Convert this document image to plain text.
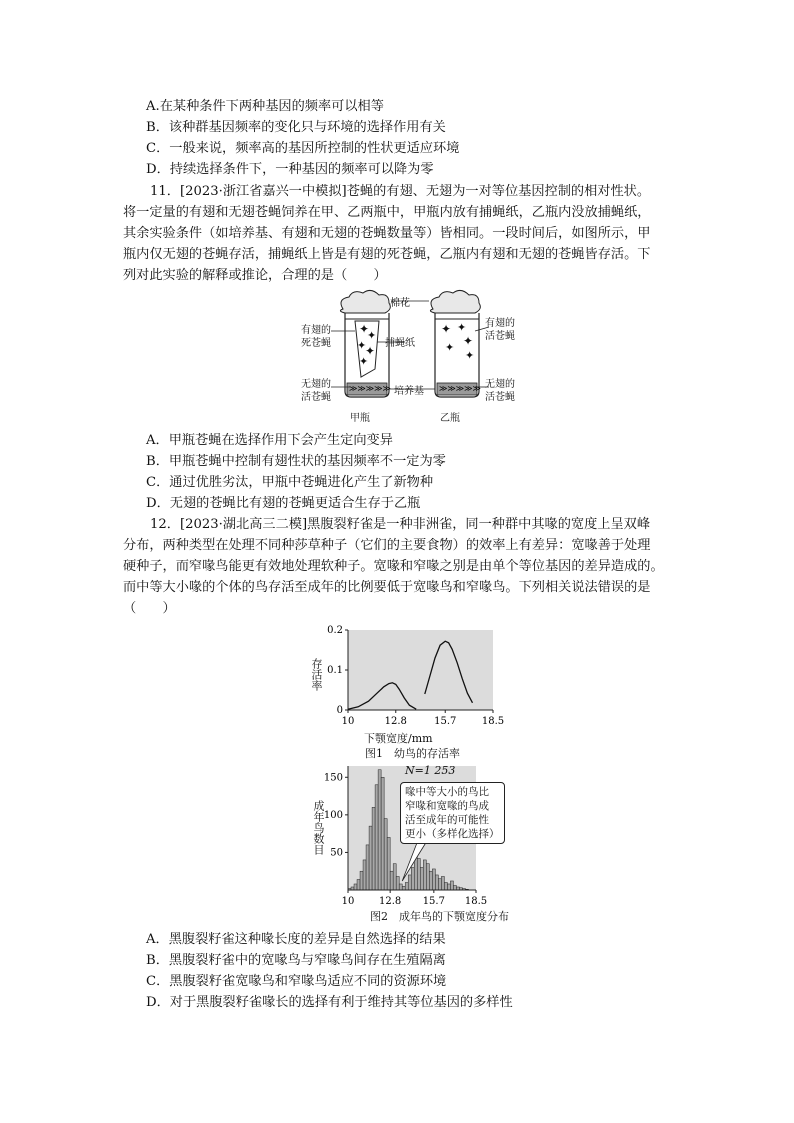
A.在某种条件下两种基因的频率可以相等
B．该种群基因频率的变化只与环境的选择作用有关
C．一般来说，频率高的基因所控制的性状更适应环境
D．持续选择条件下，一种基因的频率可以降为零
11．[2023·浙江省嘉兴一中模拟]苍蝇的有翅、无翅为一对等位基因控制的相对性状。
将一定量的有翅和无翅苍蝇饲养在甲、乙两瓶中，甲瓶内放有捕蝇纸，乙瓶内没放捕蝇纸，
其余实验条件（如培养基、有翅和无翅的苍蝇数量等）皆相同。一段时间后，如图所示，甲
瓶内仅无翅的苍蝇存活，捕蝇纸上皆是有翅的死苍蝇，乙瓶内有翅和无翅的苍蝇皆存活。下
列对此实验的解释或推论，合理的是（　　）
✦
✦
✦
✦
✦
≫≫≫≫≫
✦ ✦
✦
✦
✦
≫≫≫≫≫
棉花
有翅的
死苍蝇	捕蝇纸
无翅的
活苍蝇
培养基
有翅的
活苍蝇
无翅的
活苍蝇
甲瓶	乙瓶
A．甲瓶苍蝇在选择作用下会产生定向变异
B．甲瓶苍蝇中控制有翅性状的基因频率不一定为零
C．通过优胜劣汰，甲瓶中苍蝇进化产生了新物种
D．无翅的苍蝇比有翅的苍蝇更适合生存于乙瓶
12．[2023·湖北高三二模]黑腹裂籽雀是一种非洲雀，同一种群中其喙的宽度上呈双峰
分布，两种类型在处理不同种莎草种子（它们的主要食物）的效率上有差异：宽喙善于处理
硬种子，而窄喙鸟能更有效地处理软种子。宽喙和窄喙之别是由单个等位基因的差异造成的。
而中等大小喙的个体的鸟存活至成年的比例要低于宽喙鸟和窄喙鸟。下列相关说法错误的是
（　　）
10	12.8	15.7	18.5
0
0.1
0.2
下颚宽度/mm
图1　幼鸟的存活率
存活率
10 12.8 15.7 18.5
50
100
150
成年鸟数目
N=1 253
喙中等大小的鸟比
窄喙和宽喙的鸟成
活至成年的可能性
更小（多样化选择）
图2　成年鸟的下颚宽度分布
A．黑腹裂籽雀这种喙长度的差异是自然选择的结果
B．黑腹裂籽雀中的宽喙鸟与窄喙鸟间存在生殖隔离
C．黑腹裂籽雀宽喙鸟和窄喙鸟适应不同的资源环境
D．对于黑腹裂籽雀喙长的选择有利于维持其等位基因的多样性
